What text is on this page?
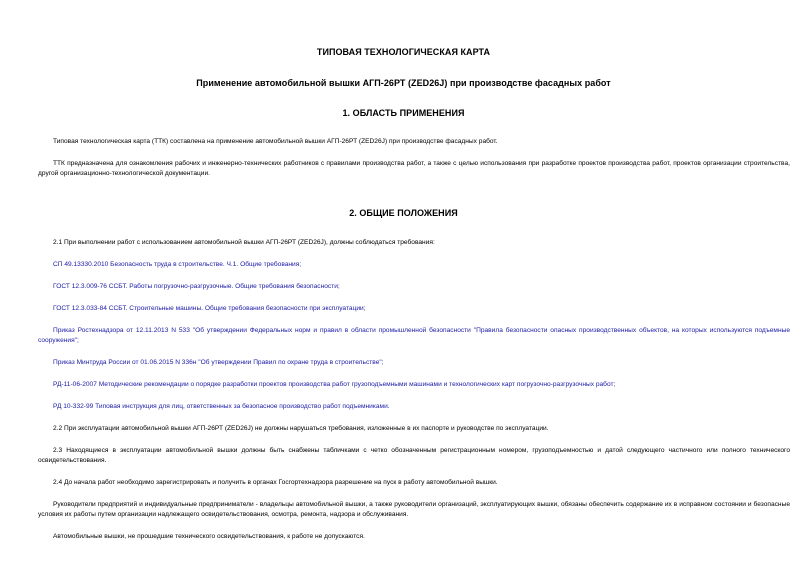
ТИПОВАЯ ТЕХНОЛОГИЧЕСКАЯ КАРТА
Применение автомобильной вышки АГП-26РТ (ZED26J) при производстве фасадных работ
1. ОБЛАСТЬ ПРИМЕНЕНИЯ
Типовая технологическая карта (ТТК) составлена на применение автомобильной вышки АГП-26РТ (ZED26J) при производстве фасадных работ.
ТТК предназначена для ознакомления рабочих и инженерно-технических работников с правилами производства работ, а также с целью использования при разработке проектов производства работ, проектов организации строительства, другой организационно-технологической документации.
2. ОБЩИЕ ПОЛОЖЕНИЯ
2.1 При выполнении работ с использованием автомобильной вышки АГП-26РТ (ZED26J), должны соблюдаться требования:
СП 49.13330.2010 Безопасность труда в строительстве. Ч.1. Общие требования;
ГОСТ 12.3.009-76 ССБТ. Работы погрузочно-разгрузочные. Общие требования безопасности;
ГОСТ 12.3.033-84 ССБТ. Строительные машины. Общие требования безопасности при эксплуатации;
Приказ Ростехнадзора от 12.11.2013 N 533 "Об утверждении Федеральных норм и правил в области промышленной безопасности "Правила безопасности опасных производственных объектов, на которых используются подъемные сооружения";
Приказ Минтруда России от 01.06.2015 N 336н "Об утверждении Правил по охране труда в строительстве";
РД-11-06-2007 Методические рекомендации о порядке разработки проектов производства работ грузоподъемными машинами и технологических карт погрузочно-разгрузочных работ;
РД 10-332-99 Типовая инструкция для лиц, ответственных за безопасное производство работ подъемниками.
2.2 При эксплуатации автомобильной вышки АГП-26РТ (ZED26J) не должны нарушаться требования, изложенные в их паспорте и руководстве по эксплуатации.
2.3 Находящиеся в эксплуатации автомобильной вышки должны быть снабжены табличками с четко обозначенным регистрационным номером, грузоподъемностью и датой следующего частичного или полного технического освидетельствования.
2.4 До начала работ необходимо зарегистрировать и получить в органах Госгортехнадзора разрешение на пуск в работу автомобильной вышки.
Руководители предприятий и индивидуальные предприниматели - владельцы автомобильной вышки, а также руководители организаций, эксплуатирующих вышки, обязаны обеспечить содержание их в исправном состоянии и безопасные условия их работы путем организации надлежащего освидетельствования, осмотра, ремонта, надзора и обслуживания.
Автомобильные вышки, не прошедшие технического освидетельствования, к работе не допускаются.
